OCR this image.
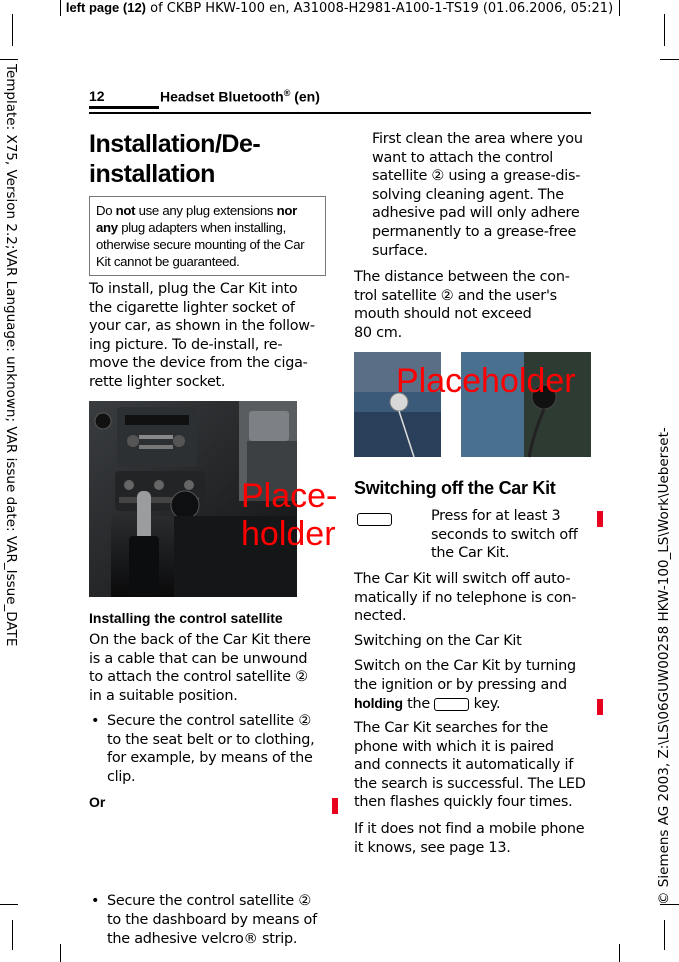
left page (12) of CKBP HKW-100 en, A31008-H2981-A100-1-TS19 (01.06.2006, 05:21)
Template: X75, Version 2.2;VAR Language: unknown; VAR issue date: VAR_Issue_DATE
© Siemens AG 2003, Z:\LS\06GUW00258 HKW-100_LS\Work\Ueberset-
12	Headset Bluetooth® (en)
Installation/De-
installation
Do not use any plug extensions nor any plug adapters when installing, otherwise secure mounting of the Car Kit cannot be guaranteed.
To install, plug the Car Kit into
the cigarette lighter socket of
your car, as shown in the follow-
ing picture. To de-install, re-
move the device from the ciga-
rette lighter socket.
Place-
holder
Installing the control satellite
On the back of the Car Kit there
is a cable that can be unwound
to attach the control satellite ②
in a suitable position.
• Secure the control satellite ②
to the seat belt or to clothing,
for example, by means of the
clip.
Or
• Secure the control satellite ②
to the dashboard by means of
the adhesive velcro® strip.
First clean the area where you
want to attach the control
satellite ② using a grease-dis-
solving cleaning agent. The
adhesive pad will only adhere
permanently to a grease-free
surface.
The distance between the con-
trol satellite ② and the user's
mouth should not exceed
80 cm.
Placeholder
Switching off the Car Kit
Press for at least 3
seconds to switch off
the Car Kit.
The Car Kit will switch off auto-
matically if no telephone is con-
nected.
Switching on the Car Kit
Switch on the Car Kit by turning
the ignition or by pressing and
holding the  key.
The Car Kit searches for the
phone with which it is paired
and connects it automatically if
the search is successful. The LED
then flashes quickly four times.
If it does not find a mobile phone
it knows, see page 13.
